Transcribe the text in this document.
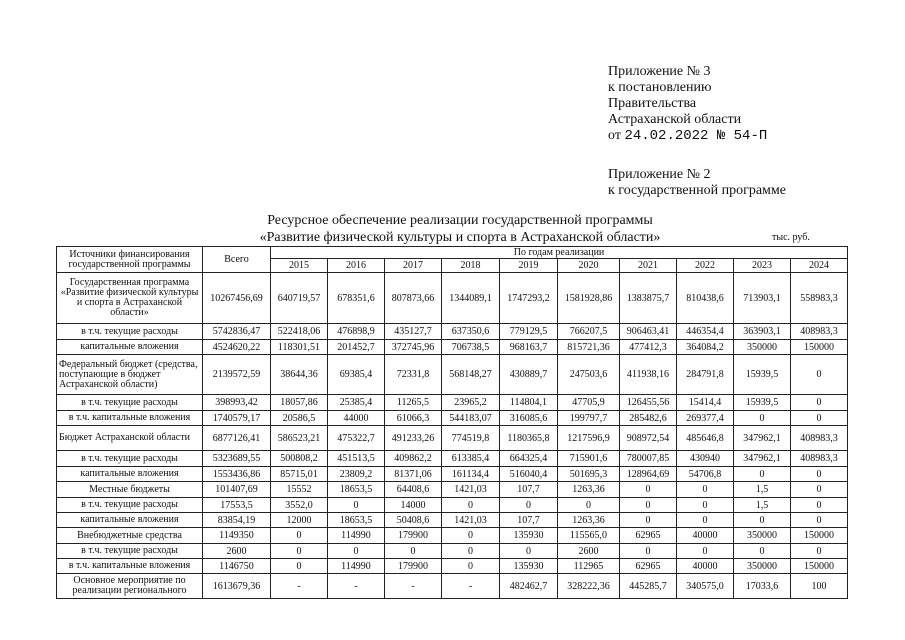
Приложение № 3
к постановлению
Правительства
Астраханской области
от 24.02.2022 № 54-П
Приложение № 2
к государственной программе
Ресурсное обеспечение реализации государственной программы
«Развитие физической культуры и спорта в Астраханской области»	тыс. руб.
Источники финансирования государственной программы	Всего	По годам реализации									
		2015	2016	2017	2018	2019	2020	2021	2022	2023	2024
Государственная программа «Развитие физической культуры и спорта в Астраханской области»	10267456,69	640719,57	678351,6	807873,66	1344089,1	1747293,2	1581928,86	1383875,7	810438,6	713903,1	558983,3
в т.ч. текущие расходы	5742836,47	522418,06	476898,9	435127,7	637350,6	779129,5	766207,5	906463,41	446354,4	363903,1	408983,3
капитальные вложения	4524620,22	118301,51	201452,7	372745,96	706738,5	968163,7	815721,36	477412,3	364084,2	350000	150000
Федеральный бюджет (средства, поступающие в бюджет Астраханской области)	2139572,59	38644,36	69385,4	72331,8	568148,27	430889,7	247503,6	411938,16	284791,8	15939,5	0
в т.ч. текущие расходы	398993,42	18057,86	25385,4	11265,5	23965,2	114804,1	47705,9	126455,56	15414,4	15939,5	0
в т.ч. капитальные вложения	1740579,17	20586,5	44000	61066,3	544183,07	316085,6	199797,7	285482,6	269377,4	0	0
Бюджет Астраханской области	6877126,41	586523,21	475322,7	491233,26	774519,8	1180365,8	1217596,9	908972,54	485646,8	347962,1	408983,3
в т.ч. текущие расходы	5323689,55	500808,2	451513,5	409862,2	613385,4	664325,4	715901,6	780007,85	430940	347962,1	408983,3
капитальные вложения	1553436,86	85715,01	23809,2	81371,06	161134,4	516040,4	501695,3	128964,69	54706,8	0	0
Местные бюджеты	101407,69	15552	18653,5	64408,6	1421,03	107,7	1263,36	0	0	1,5	0
в т.ч. текущие расходы	17553,5	3552,0	0	14000	0	0	0	0	0	1,5	0
капитальные вложения	83854,19	12000	18653,5	50408,6	1421,03	107,7	1263,36	0	0	0	0
Внебюджетные средства	1149350	0	114990	179900	0	135930	115565,0	62965	40000	350000	150000
в т.ч. текущие расходы	2600	0	0	0	0	0	2600	0	0	0	0
в т.ч. капитальные вложения	1146750	0	114990	179900	0	135930	112965	62965	40000	350000	150000
Основное мероприятие по реализации регионального	1613679,36	-	-	-	-	482462,7	328222,36	445285,7	340575,0	17033,6	100
